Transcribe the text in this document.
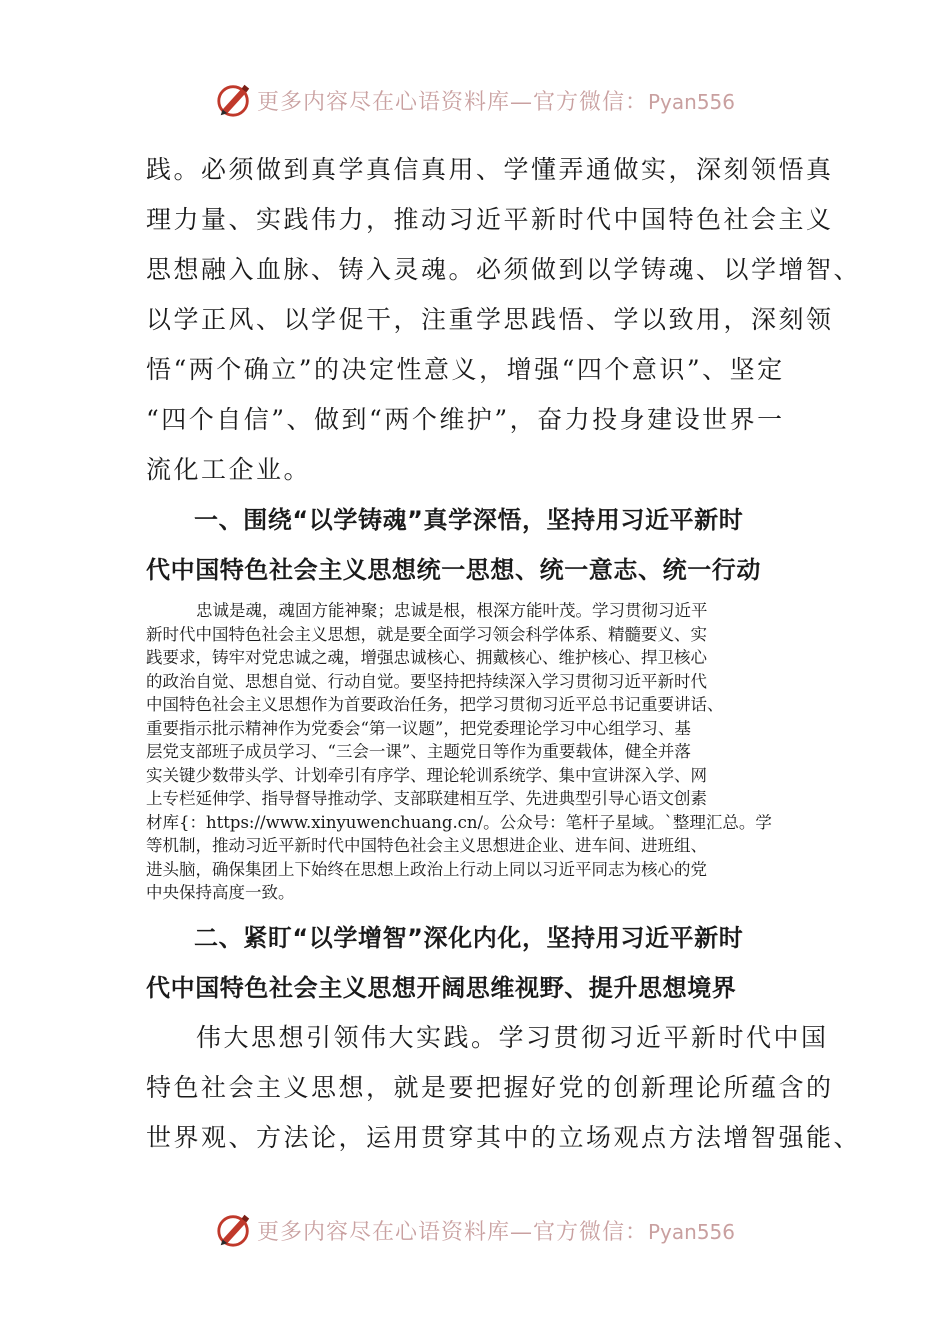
更多内容尽在心语资料库—官方微信：Pyan556

践。必须做到真学真信真用、学懂弄通做实，深刻领悟真

理力量、实践伟力，推动习近平新时代中国特色社会主义

思想融入血脉、铸入灵魂。必须做到以学铸魂、以学增智、

以学正风、以学促干，注重学思践悟、学以致用，深刻领

悟“两个确立”的决定性意义，增强“四个意识”、坚定

“四个自信”、做到“两个维护”，奋力投身建设世界一

流化工企业。

一、围绕“以学铸魂”真学深悟，坚持用习近平新时

代中国特色社会主义思想统一思想、统一意志、统一行动

忠诚是魂，魂固方能神聚；忠诚是根，根深方能叶茂。学习贯彻习近平

新时代中国特色社会主义思想，就是要全面学习领会科学体系、精髓要义、实

践要求，铸牢对党忠诚之魂，增强忠诚核心、拥戴核心、维护核心、捍卫核心

的政治自觉、思想自觉、行动自觉。要坚持把持续深入学习贯彻习近平新时代

中国特色社会主义思想作为首要政治任务，把学习贯彻习近平总书记重要讲话、

重要指示批示精神作为党委会“第一议题”，把党委理论学习中心组学习、基

层党支部班子成员学习、“三会一课”、主题党日等作为重要载体，健全并落

实关键少数带头学、计划牵引有序学、理论轮训系统学、集中宣讲深入学、网

上专栏延伸学、指导督导推动学、支部联建相互学、先进典型引导心语文创素

材库{：https://www.xinyuwenchuang.cn/。公众号：笔杆子星域。`整理汇总。学

等机制，推动习近平新时代中国特色社会主义思想进企业、进车间、进班组、

进头脑，确保集团上下始终在思想上政治上行动上同以习近平同志为核心的党

中央保持高度一致。

二、紧盯“以学增智”深化内化，坚持用习近平新时

代中国特色社会主义思想开阔思维视野、提升思想境界

伟大思想引领伟大实践。学习贯彻习近平新时代中国

特色社会主义思想，就是要把握好党的创新理论所蕴含的

世界观、方法论，运用贯穿其中的立场观点方法增智强能、

更多内容尽在心语资料库—官方微信：Pyan556
